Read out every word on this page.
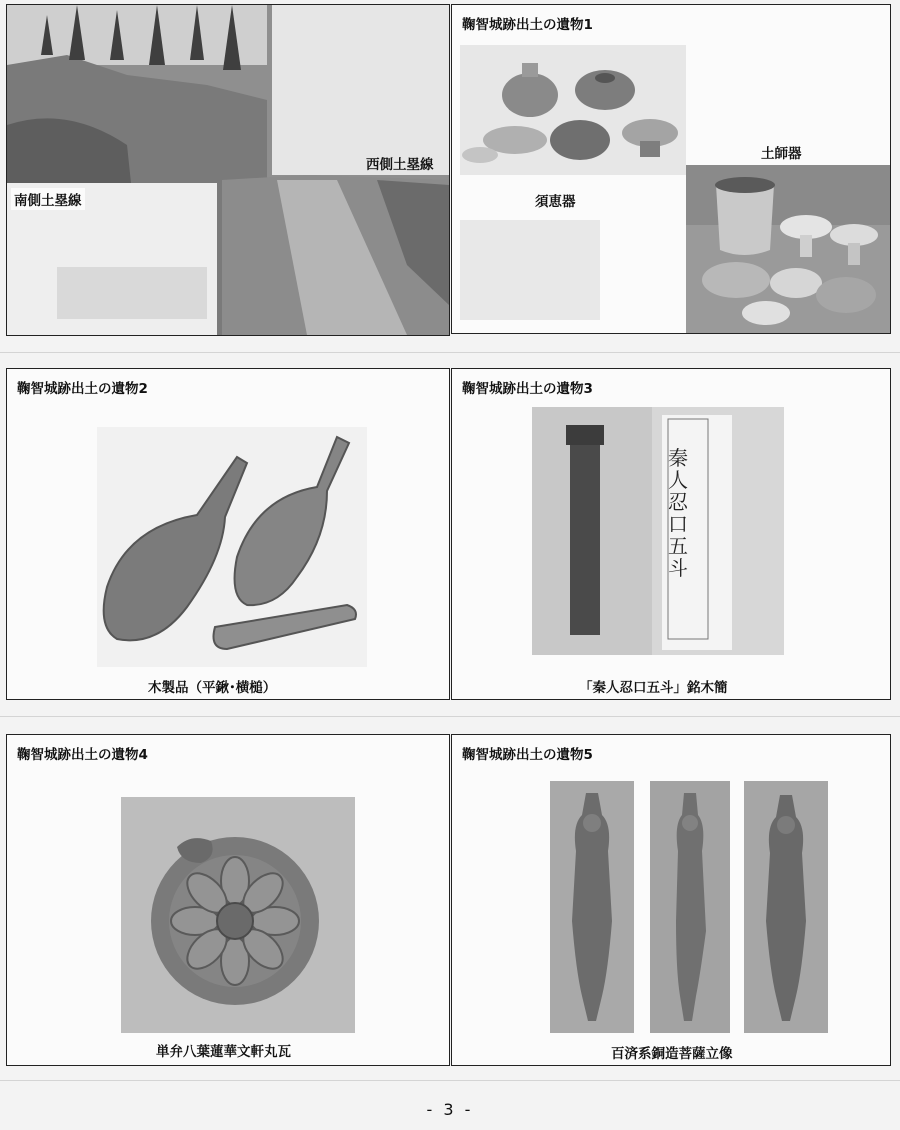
南側土塁線
西側土塁線
鞠智城跡出土の遺物1
須恵器
土師器
鞠智城跡出土の遺物2
木製品（平鍬･横槌）
鞠智城跡出土の遺物3
秦人 忍口 五斗
「秦人忍口五斗」銘木簡
鞠智城跡出土の遺物4
単弁八葉蓮華文軒丸瓦
鞠智城跡出土の遺物5
百済系銅造菩薩立像
- 3 -
